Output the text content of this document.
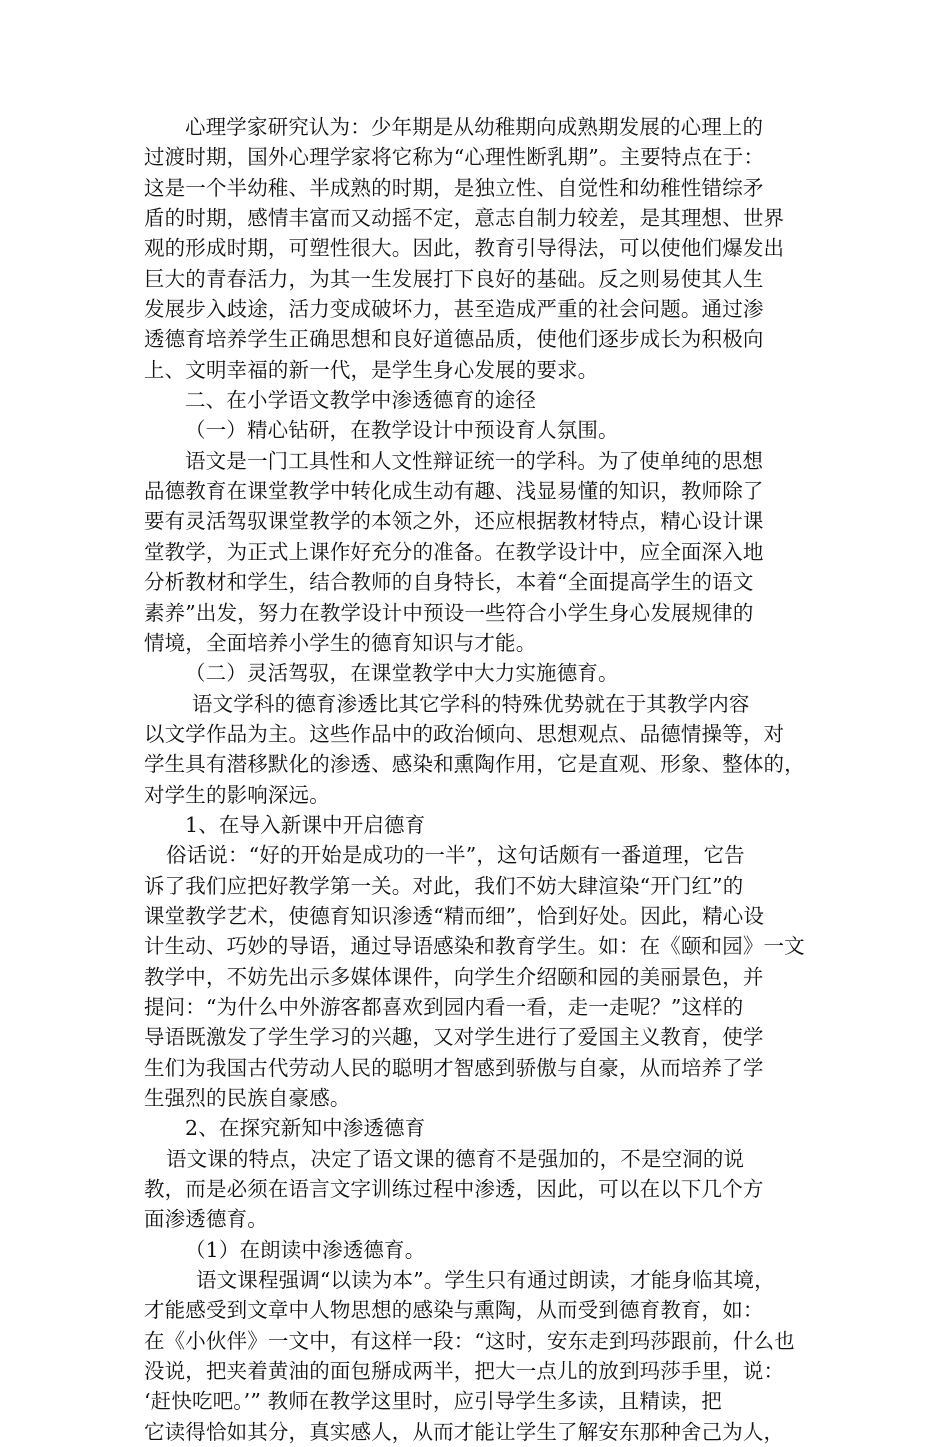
心理学家研究认为：少年期是从幼稚期向成熟期发展的心理上的
过渡时期，国外心理学家将它称为“心理性断乳期”。主要特点在于：
这是一个半幼稚、半成熟的时期，是独立性、自觉性和幼稚性错综矛
盾的时期，感情丰富而又动摇不定，意志自制力较差，是其理想、世界
观的形成时期，可塑性很大。因此，教育引导得法，可以使他们爆发出
巨大的青春活力，为其一生发展打下良好的基础。反之则易使其人生
发展步入歧途，活力变成破坏力，甚至造成严重的社会问题。通过渗
透德育培养学生正确思想和良好道德品质，使他们逐步成长为积极向
上、文明幸福的新一代，是学生身心发展的要求。
二、在小学语文教学中渗透德育的途径
（一）精心钻研，在教学设计中预设育人氛围。
语文是一门工具性和人文性辩证统一的学科。为了使单纯的思想
品德教育在课堂教学中转化成生动有趣、浅显易懂的知识，教师除了
要有灵活驾驭课堂教学的本领之外，还应根据教材特点，精心设计课
堂教学，为正式上课作好充分的准备。在教学设计中，应全面深入地
分析教材和学生，结合教师的自身特长，本着“全面提高学生的语文
素养”出发，努力在教学设计中预设一些符合小学生身心发展规律的
情境，全面培养小学生的德育知识与才能。
（二）灵活驾驭，在课堂教学中大力实施德育。
语文学科的德育渗透比其它学科的特殊优势就在于其教学内容
以文学作品为主。这些作品中的政治倾向、思想观点、品德情操等，对
学生具有潜移默化的渗透、感染和熏陶作用，它是直观、形象、整体的，
对学生的影响深远。
1、在导入新课中开启德育
俗话说：“好的开始是成功的一半”，这句话颇有一番道理，它告
诉了我们应把好教学第一关。对此，我们不妨大肆渲染“开门红”的
课堂教学艺术，使德育知识渗透“精而细”，恰到好处。因此，精心设
计生动、巧妙的导语，通过导语感染和教育学生。如：在《颐和园》一文
教学中，不妨先出示多媒体课件，向学生介绍颐和园的美丽景色，并
提问：“为什么中外游客都喜欢到园内看一看，走一走呢？”这样的
导语既激发了学生学习的兴趣，又对学生进行了爱国主义教育，使学
生们为我国古代劳动人民的聪明才智感到骄傲与自豪，从而培养了学
生强烈的民族自豪感。
2、在探究新知中渗透德育
语文课的特点，决定了语文课的德育不是强加的，不是空洞的说
教，而是必须在语言文字训练过程中渗透，因此，可以在以下几个方
面渗透德育。
（1）在朗读中渗透德育。
语文课程强调“以读为本”。学生只有通过朗读，才能身临其境，
才能感受到文章中人物思想的感染与熏陶，从而受到德育教育，如：
在《小伙伴》一文中，有这样一段：“这时，安东走到玛莎跟前，什么也
没说，把夹着黄油的面包掰成两半，把大一点儿的放到玛莎手里，说：
‘赶快吃吧。’” 教师在教学这里时，应引导学生多读，且精读，把
它读得恰如其分，真实感人，从而才能让学生了解安东那种舍己为人，
